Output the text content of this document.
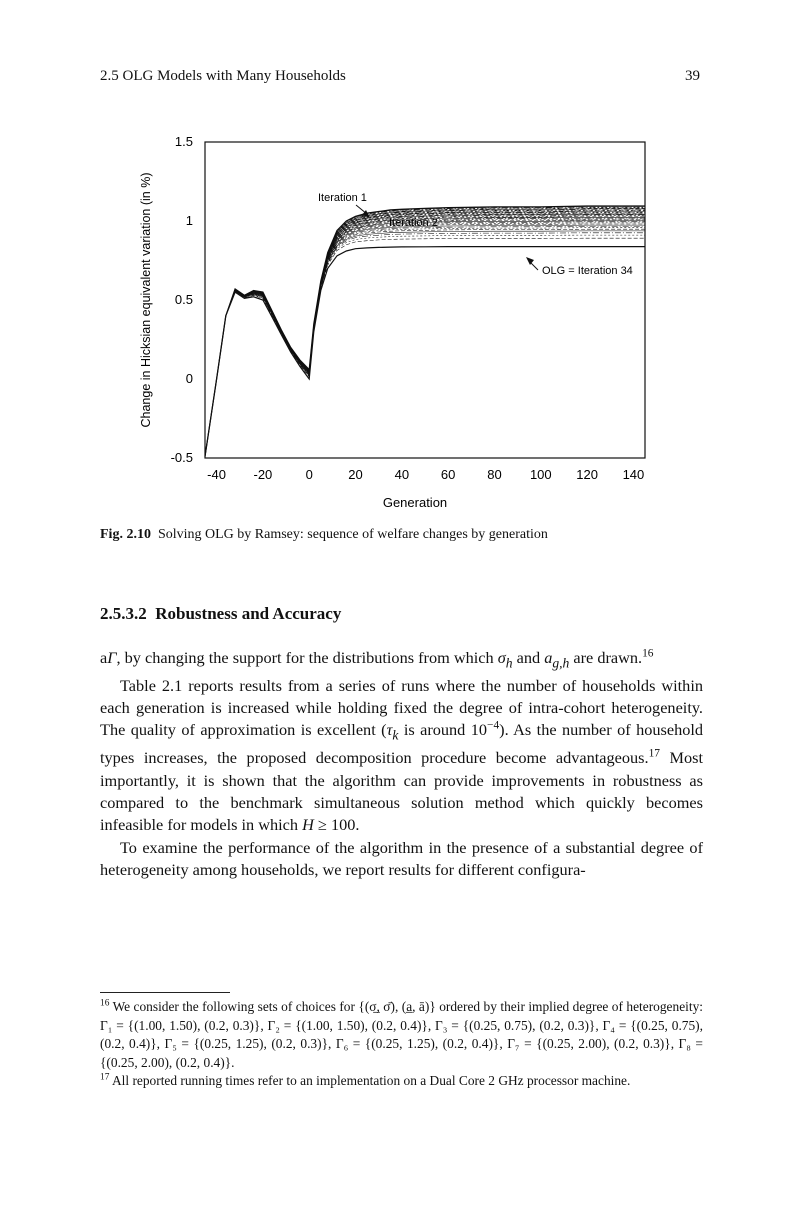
2.5 OLG Models with Many Households	39
-40 -20	0	20 40 60 80 100 120 140
-0.5
0
0.5
1
1.5
Generation
Change in Hicksian equivalent variation (in %)	Iteration 1
Iteration 2
OLG = Iteration 34
Fig. 2.10 Solving OLG by Ramsey: sequence of welfare changes by generation
2.5.3.2 Robustness and Accuracy

aΓ, by changing the support for the distributions from which $\sigma_h$ and $a_{g,h}$ are drawn.$^{16}$

Table 2.1 reports results from a series of runs where the number of households within each generation is increased while holding fixed the degree of intra-cohort heterogeneity. The quality of approximation is excellent ($\tau_k$ is around $10^{-4}$). As the number of household types increases, the proposed decomposition procedure become advantageous.$^{17}$ Most importantly, it is shown that the algorithm can provide improvements in robustness as compared to the benchmark simultaneous solution method which quickly becomes infeasible for models in which H ≥ 100.

To examine the performance of the algorithm in the presence of a substantial degree of heterogeneity among households, we report results for different configura-

$^{16}$ We consider the following sets of choices for {(σ̲, σ̄), (a̲, ā)} ordered by their implied degree of heterogeneity: Γ₁ = {(1.00, 1.50), (0.2, 0.3)}, Γ₂ = {(1.00, 1.50), (0.2, 0.4)}, Γ₃ = {(0.25, 0.75), (0.2, 0.3)}, Γ₄ = {(0.25, 0.75), (0.2, 0.4)}, Γ₅ = {(0.25, 1.25), (0.2, 0.3)}, Γ₆ = {(0.25, 1.25), (0.2, 0.4)}, Γ₇ = {(0.25, 2.00), (0.2, 0.3)}, Γ₈ = {(0.25, 2.00), (0.2, 0.4)}.

$^{17}$ All reported running times refer to an implementation on a Dual Core 2 GHz processor machine.
